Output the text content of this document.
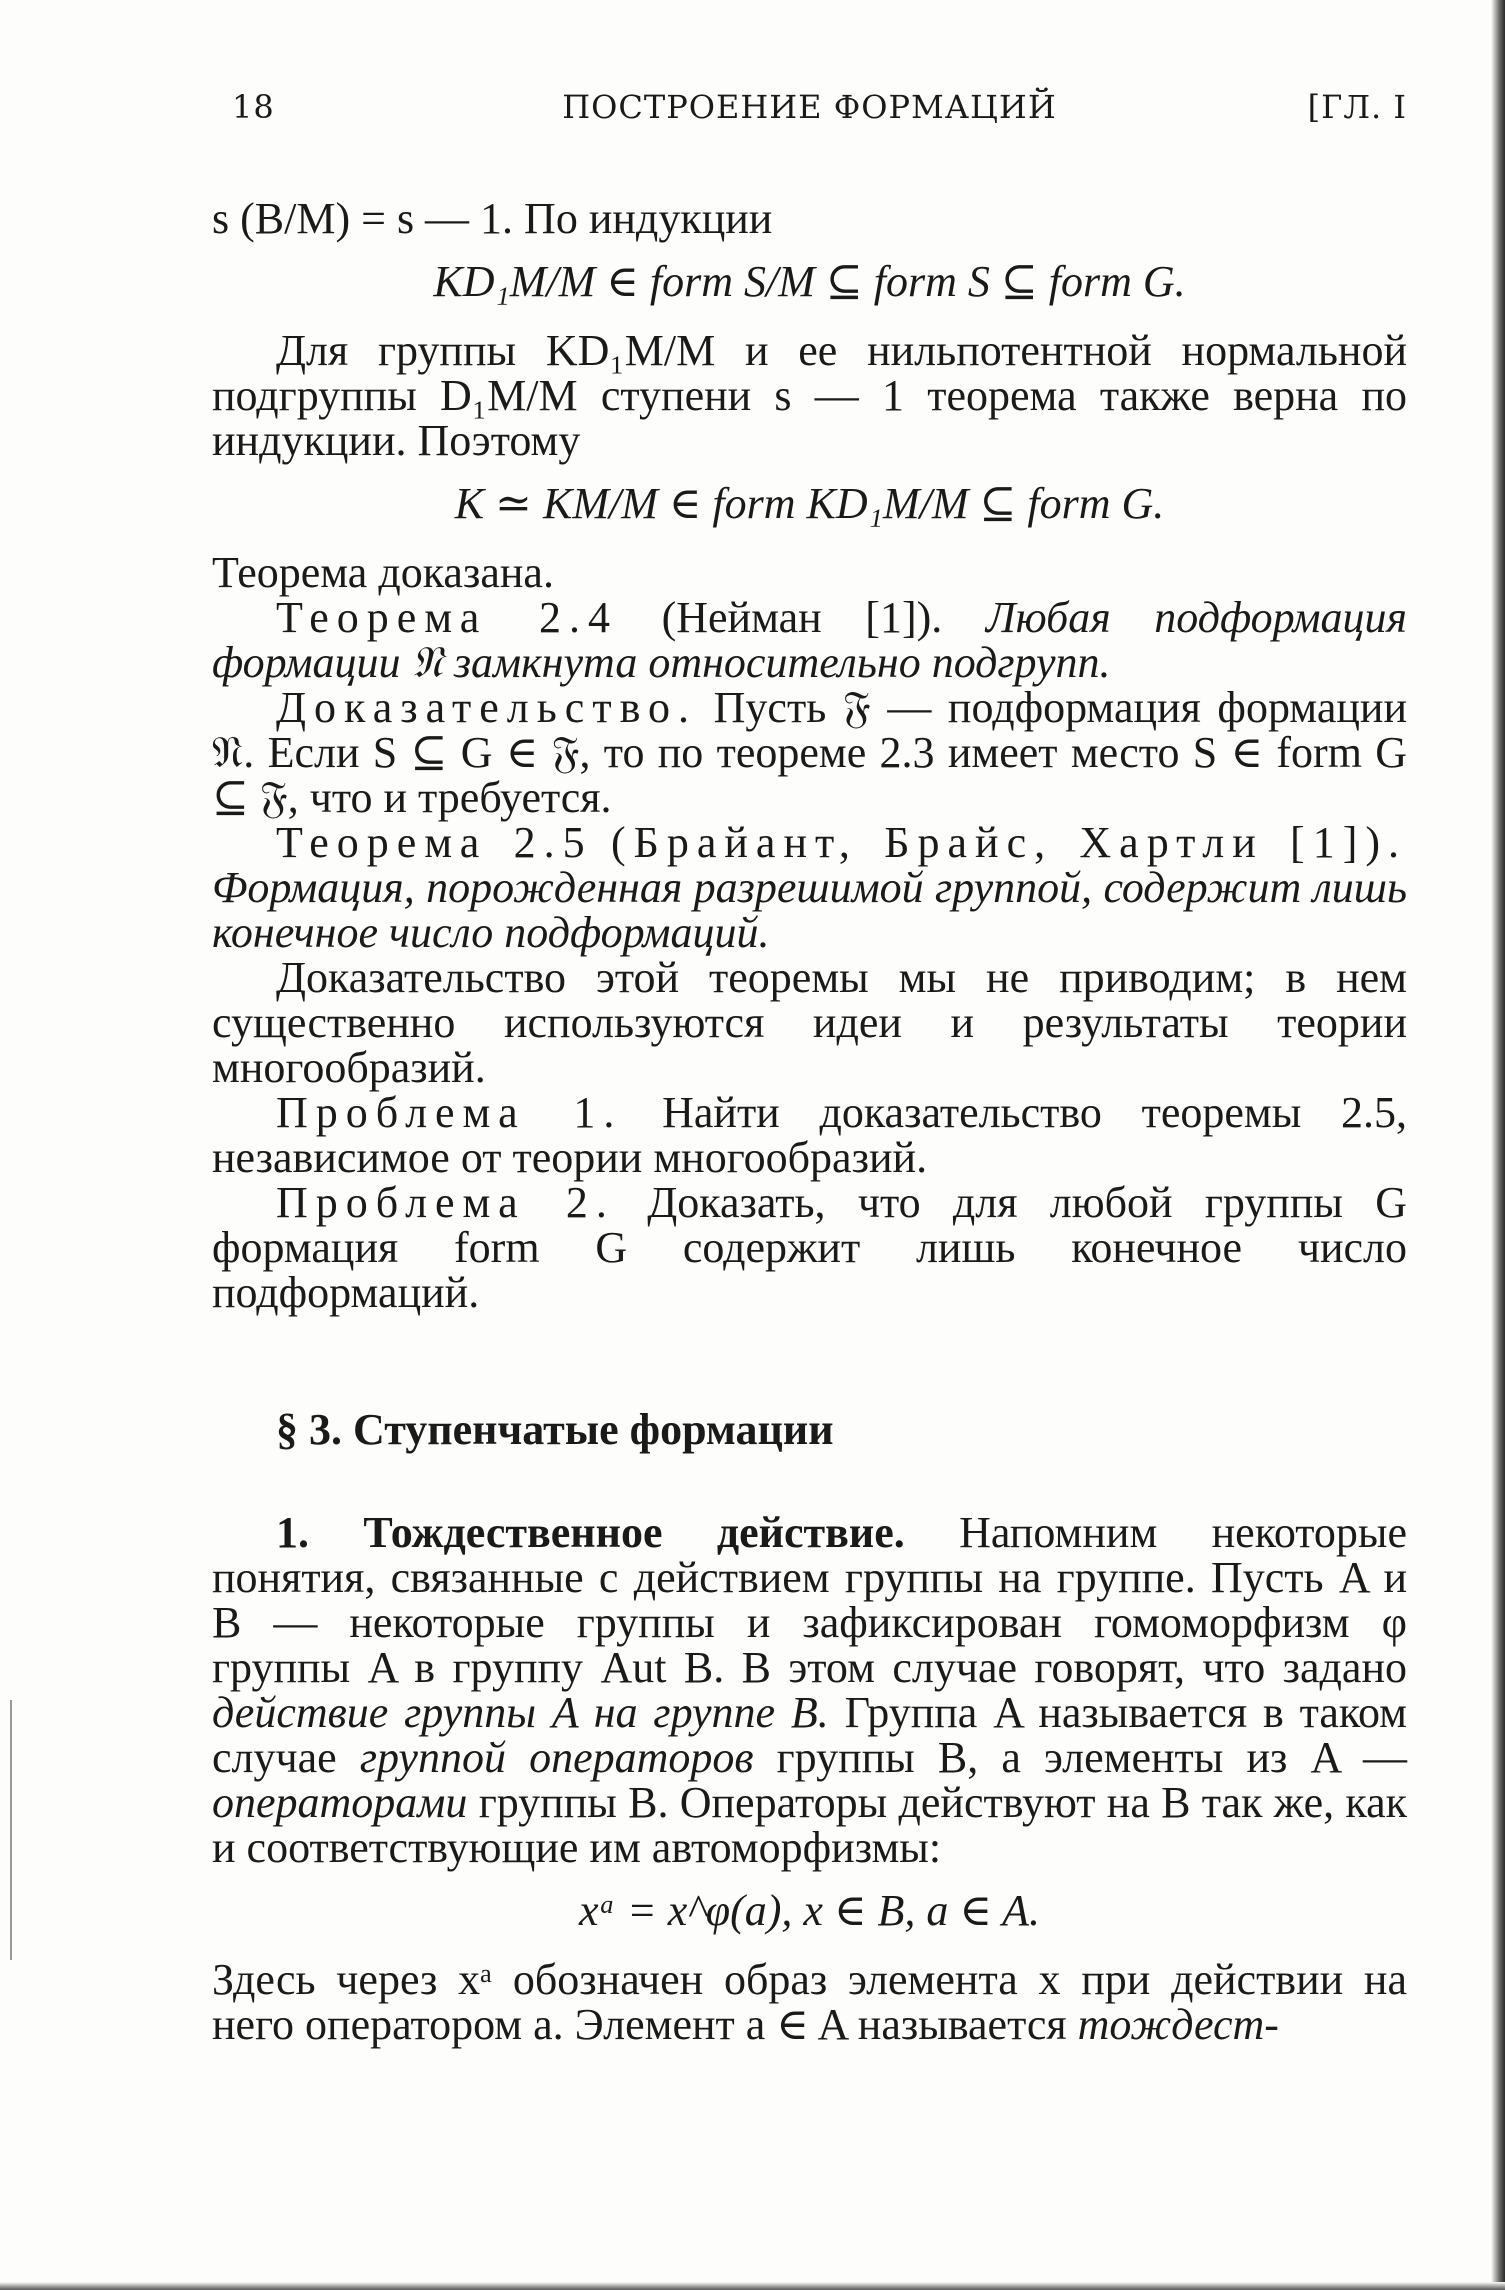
18	ПОСТРОЕНИЕ ФОРМАЦИЙ	[ГЛ. I

s (B/M) = s — 1. По индукции

KD₁M/M ∈ form S/M ⊆ form S ⊆ form G.

Для группы KD₁M/M и ее нильпотентной нормальной подгруппы D₁M/M ступени s — 1 теорема также верна по индукции. Поэтому

K ≃ KM/M ∈ form KD₁M/M ⊆ form G.

Теорема доказана.

Теорема 2.4 (Нейман [1]). Любая подформация формации 𝔑 замкнута относительно подгрупп.

Доказательство. Пусть 𝔉 — подформация формации 𝔑. Если S ⊆ G ∈ 𝔉, то по теореме 2.3 имеет место S ∈ form G ⊆ 𝔉, что и требуется.

Теорема 2.5 (Брайант, Брайс, Хартли [1]). Формация, порожденная разрешимой группой, содержит лишь конечное число подформаций.

Доказательство этой теоремы мы не приводим; в нем существенно используются идеи и результаты теории многообразий.

Проблема 1. Найти доказательство теоремы 2.5, независимое от теории многообразий.

Проблема 2. Доказать, что для любой группы G формация form G содержит лишь конечное число подформаций.

§ 3. Ступенчатые формации

1. Тождественное действие. Напомним некоторые понятия, связанные с действием группы на группе. Пусть A и B — некоторые группы и зафиксирован гомоморфизм φ группы A в группу Aut B. В этом случае говорят, что задано действие группы A на группе B. Группа A называется в таком случае группой операторов группы B, а элементы из A — операторами группы B. Операторы действуют на B так же, как и соответствующие им автоморфизмы:

xᵃ = x^φ(a), x ∈ B, a ∈ A.

Здесь через xᵃ обозначен образ элемента x при действии на него оператором a. Элемент a ∈ A называется тождест-
